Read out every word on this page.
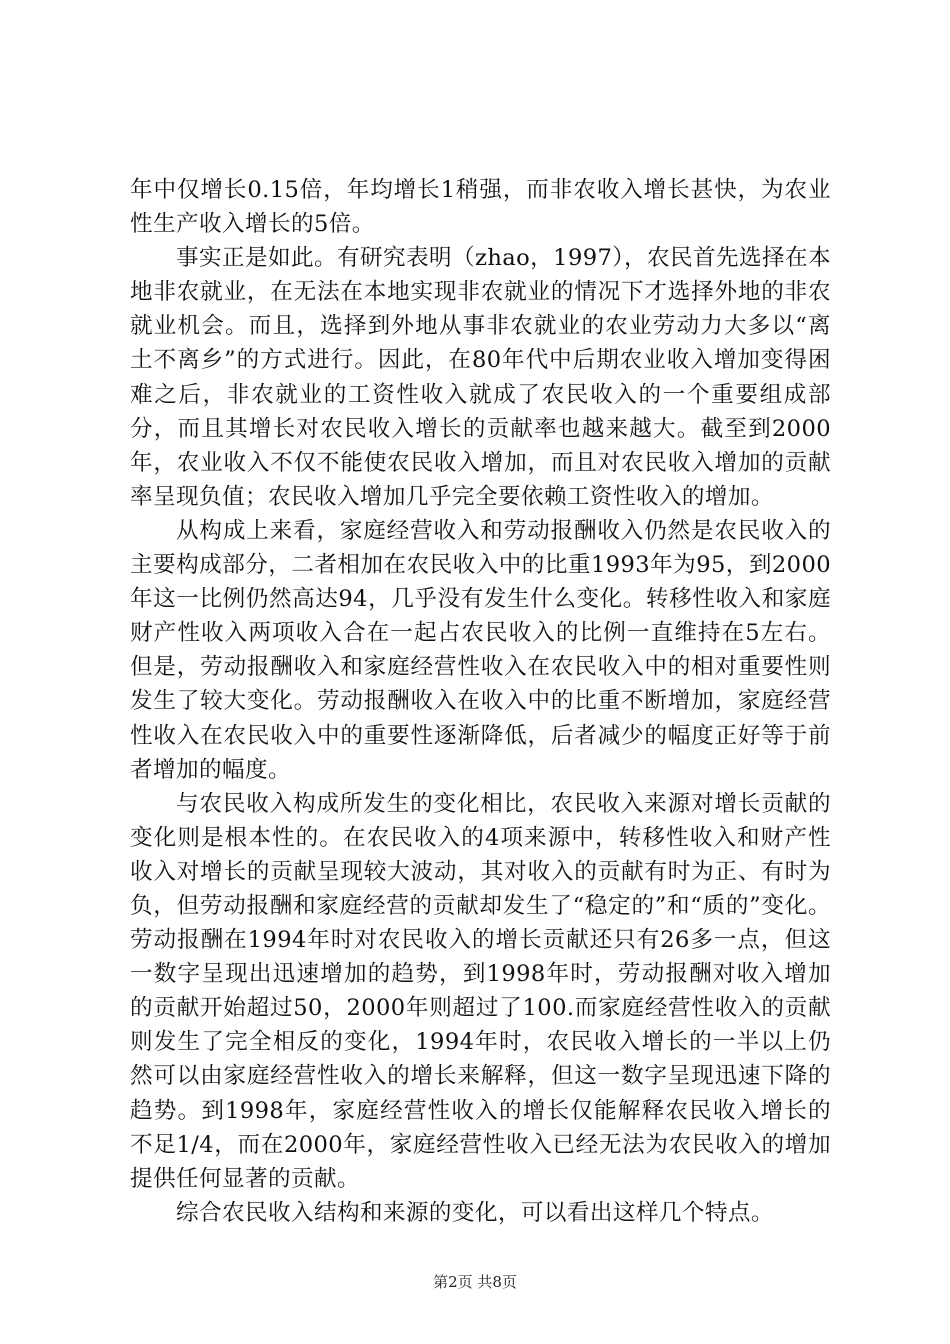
年中仅增长0.15倍，年均增长1稍强，而非农收入增长甚快，为农业性生产收入增长的5倍。

事实正是如此。有研究表明（zhao，1997），农民首先选择在本地非农就业，在无法在本地实现非农就业的情况下才选择外地的非农就业机会。而且，选择到外地从事非农就业的农业劳动力大多以“离土不离乡”的方式进行。因此，在80年代中后期农业收入增加变得困难之后，非农就业的工资性收入就成了农民收入的一个重要组成部分，而且其增长对农民收入增长的贡献率也越来越大。截至到2000年，农业收入不仅不能使农民收入增加，而且对农民收入增加的贡献率呈现负值；农民收入增加几乎完全要依赖工资性收入的增加。

从构成上来看，家庭经营收入和劳动报酬收入仍然是农民收入的主要构成部分，二者相加在农民收入中的比重1993年为95，到2000年这一比例仍然高达94，几乎没有发生什么变化。转移性收入和家庭财产性收入两项收入合在一起占农民收入的比例一直维持在5左右。但是，劳动报酬收入和家庭经营性收入在农民收入中的相对重要性则发生了较大变化。劳动报酬收入在收入中的比重不断增加，家庭经营性收入在农民收入中的重要性逐渐降低，后者减少的幅度正好等于前者增加的幅度。

与农民收入构成所发生的变化相比，农民收入来源对增长贡献的变化则是根本性的。在农民收入的4项来源中，转移性收入和财产性收入对增长的贡献呈现较大波动，其对收入的贡献有时为正、有时为负，但劳动报酬和家庭经营的贡献却发生了“稳定的”和“质的”变化。劳动报酬在1994年时对农民收入的增长贡献还只有26多一点，但这一数字呈现出迅速增加的趋势，到1998年时，劳动报酬对收入增加的贡献开始超过50，2000年则超过了100.而家庭经营性收入的贡献则发生了完全相反的变化，1994年时，农民收入增长的一半以上仍然可以由家庭经营性收入的增长来解释，但这一数字呈现迅速下降的趋势。到1998年，家庭经营性收入的增长仅能解释农民收入增长的不足1/4，而在2000年，家庭经营性收入已经无法为农民收入的增加提供任何显著的贡献。

综合农民收入结构和来源的变化，可以看出这样几个特点。

第2页 共8页
